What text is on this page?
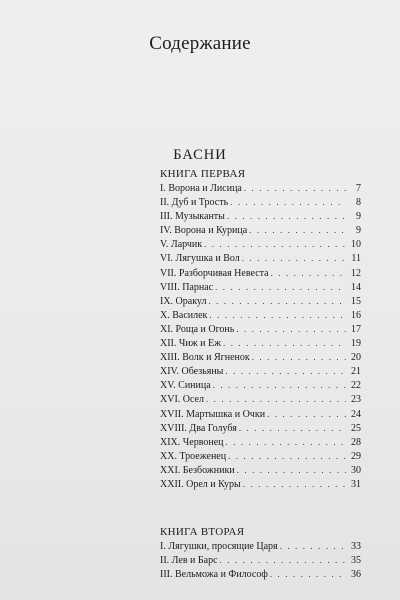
Содержание
БАСНИ
КНИГА ПЕРВАЯ
I. Ворона и Лисица . . .	7
II. Дуб и Трость . . .	8
III. Музыканты . . .	9
IV. Ворона и Курица . . .	9
V. Ларчик . . .	10
VI. Лягушка и Вол . . .	11
VII. Разборчивая Невеста . . .	12
VIII. Парнас . . .	14
IX. Оракул . . .	15
X. Василек . . .	16
XI. Роща и Огонь . . .	17
XII. Чиж и Еж . . .	19
XIII. Волк и Ягненок . . .	20
XIV. Обезьяны . . .	21
XV. Синица . . .	22
XVI. Осел . . .	23
XVII. Мартышка и Очки . . .	24
XVIII. Два Голубя . . .	25
XIX. Червонец . . .	28
XX. Троеженец . . .	29
XXI. Безбожники . . .	30
XXII. Орел и Куры . . .	31
КНИГА ВТОРАЯ
I. Лягушки, просящие Царя . . .	33
II. Лев и Барс . . .	35
III. Вельможа и Философ . . .	36
